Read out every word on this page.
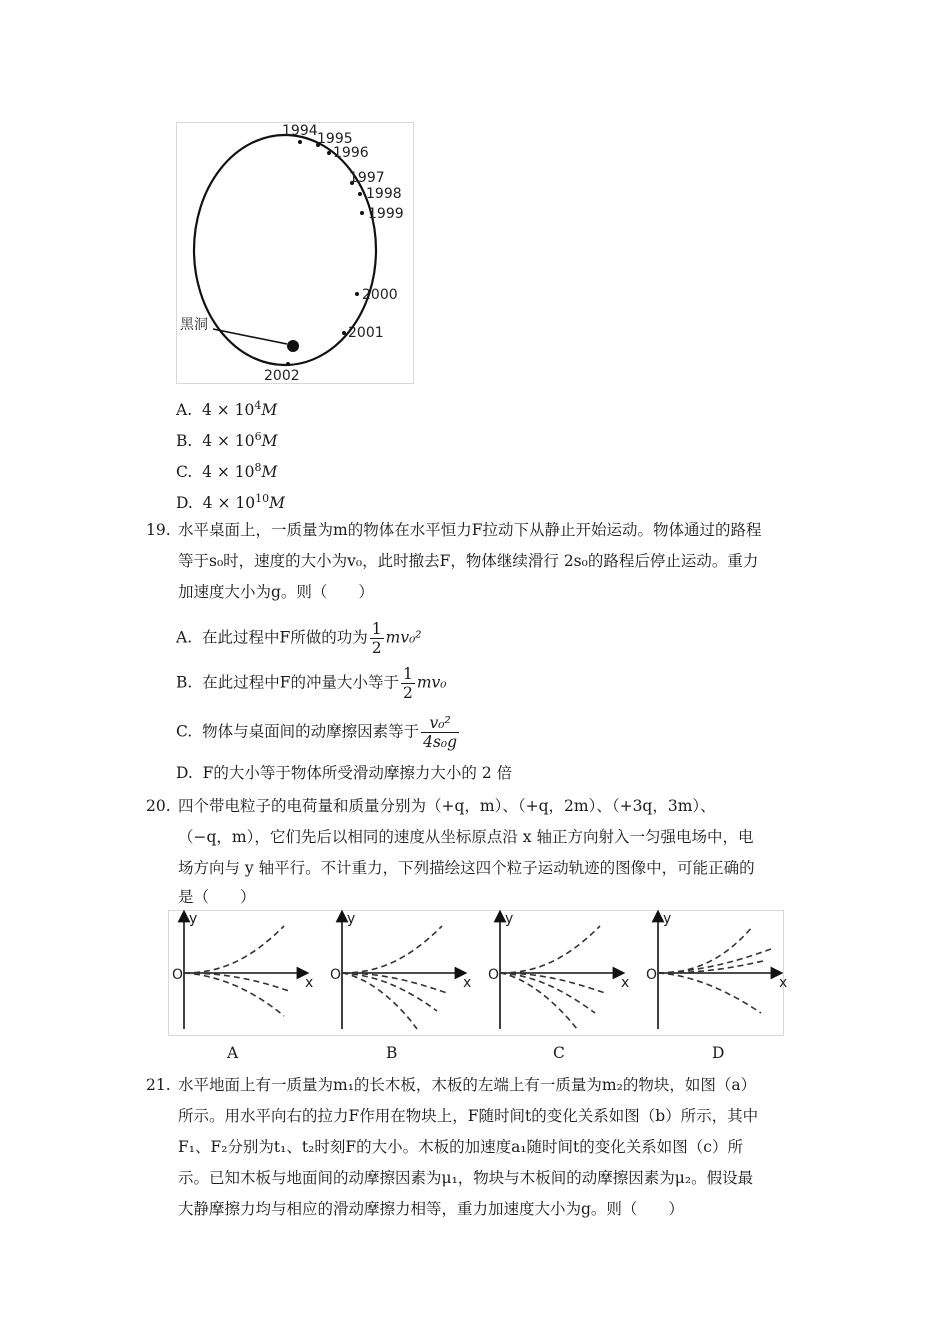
1994 1995
1996
1997
1998
1999
2000
2001
2002
黑洞
A. $4 \times 10^4M$
B. $4 \times 10^6M$
C. $4 \times 10^8M$
D. $4 \times 10^{10}M$
19. 水平桌面上，一质量为m的物体在水平恒力F拉动下从静止开始运动。物体通过的路程
等于s₀时，速度的大小为v₀，此时撤去F，物体继续滑行 2s₀的路程后停止运动。重力
加速度大小为g。则（　　）
A. 在此过程中F所做的功为 $\frac{1}{2} mv_0^2$
B. 在此过程中F的冲量大小等于 $\frac{1}{2} mv_0$
C. 物体与桌面间的动摩擦因素等于 $\frac{\text{v₀²}}{\text{4s₀g}}$
D. F的大小等于物体所受滑动摩擦力大小的 2 倍
20. 四个带电粒子的电荷量和质量分别为（+q，m）、（+q，2m）、（+3q，3m）、
（−q，m），它们先后以相同的速度从坐标原点沿 x 轴正方向射入一匀强电场中，电
场方向与 y 轴平行。不计重力，下列描绘这四个粒子运动轨迹的图像中，可能正确的
是（　　）
y
x
O
y
x
O
y
x
O
y
x
O
A	B	C	D
21. 水平地面上有一质量为m₁的长木板，木板的左端上有一质量为m₂的物块，如图（a）
所示。用水平向右的拉力F作用在物块上，F随时间t的变化关系如图（b）所示，其中
F₁、F₂分别为t₁、t₂时刻F的大小。木板的加速度a₁随时间t的变化关系如图（c）所
示。已知木板与地面间的动摩擦因素为μ₁，物块与木板间的动摩擦因素为μ₂。假设最
大静摩擦力均与相应的滑动摩擦力相等，重力加速度大小为g。则（　　）
